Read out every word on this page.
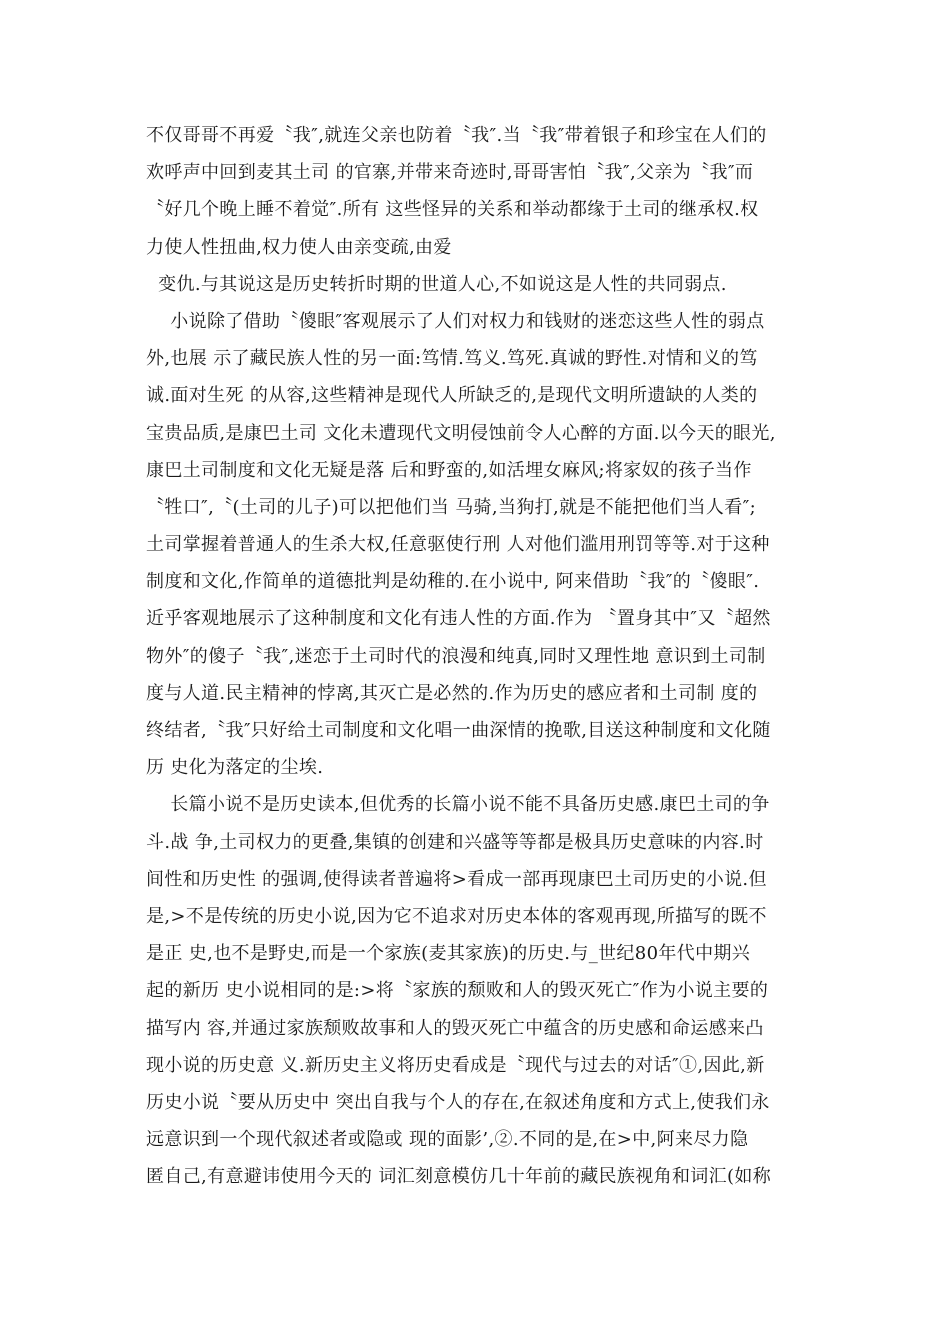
不仅哥哥不再爱〝我″,就连父亲也防着〝我″.当〝我″带着银子和珍宝在人们的
欢呼声中回到麦其土司 的官寨,并带来奇迹时,哥哥害怕〝我″,父亲为〝我″而
〝好几个晚上睡不着觉″.所有 这些怪异的关系和举动都缘于土司的继承权.权
力使人性扭曲,权力使人由亲变疏,由爱
变仇.与其说这是历史转折时期的世道人心,不如说这是人性的共同弱点.
小说除了借助〝傻眼″客观展示了人们对权力和钱财的迷恋这些人性的弱点
外,也展 示了藏民族人性的另一面:笃情.笃义.笃死.真诚的野性.对情和义的笃
诚.面对生死 的从容,这些精神是现代人所缺乏的,是现代文明所遗缺的人类的
宝贵品质,是康巴土司 文化未遭现代文明侵蚀前令人心醉的方面.以今天的眼光,
康巴土司制度和文化无疑是落 后和野蛮的,如活埋女麻风;将家奴的孩子当作
〝牲口″,〝(土司的儿子)可以把他们当 马骑,当狗打,就是不能把他们当人看″;
土司掌握着普通人的生杀大权,任意驱使行刑 人对他们滥用刑罚等等.对于这种
制度和文化,作简单的道德批判是幼稚的.在小说中, 阿来借助〝我″的〝傻眼″.
近乎客观地展示了这种制度和文化有违人性的方面.作为 〝置身其中″又〝超然
物外″的傻子〝我″,迷恋于土司时代的浪漫和纯真,同时又理性地 意识到土司制
度与人道.民主精神的悖离,其灭亡是必然的.作为历史的感应者和土司制 度的
终结者,〝我″只好给土司制度和文化唱一曲深情的挽歌,目送这种制度和文化随
历 史化为落定的尘埃.
长篇小说不是历史读本,但优秀的长篇小说不能不具备历史感.康巴土司的争
斗.战 争,土司权力的更叠,集镇的创建和兴盛等等都是极具历史意味的内容.时
间性和历史性 的强调,使得读者普遍将>看成一部再现康巴土司历史的小说.但
是,>不是传统的历史小说,因为它不追求对历史本体的客观再现,所描写的既不
是正 史,也不是野史,而是一个家族(麦其家族)的历史.与_世纪80年代中期兴
起的新历 史小说相同的是:>将〝家族的颓败和人的毁灭死亡″作为小说主要的
描写内 容,并通过家族颓败故事和人的毁灭死亡中蕴含的历史感和命运感来凸
现小说的历史意 义.新历史主义将历史看成是〝现代与过去的对话″①,因此,新
历史小说〝要从历史中 突出自我与个人的存在,在叙述角度和方式上,使我们永
远意识到一个现代叙述者或隐或 现的面影’,②.不同的是,在>中,阿来尽力隐
匿自己,有意避讳使用今天的 词汇刻意模仿几十年前的藏民族视角和词汇(如称
